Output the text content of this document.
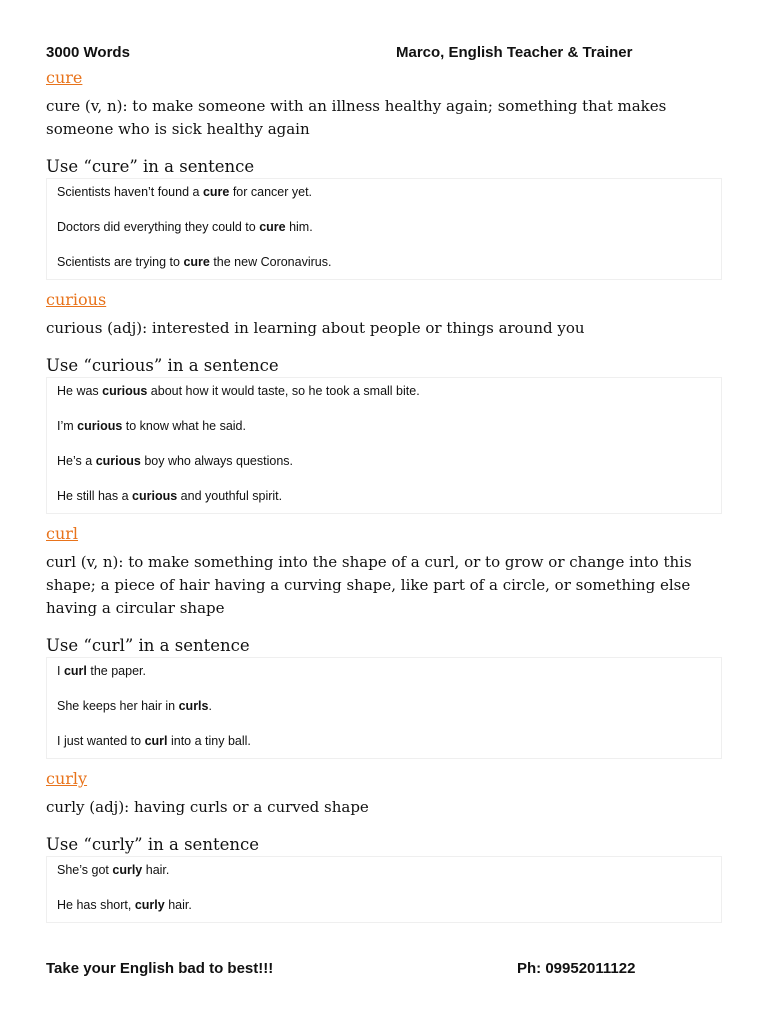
3000 Words	Marco, English Teacher & Trainer
cure

cure (v, n): to make someone with an illness healthy again; something that makes someone who is sick healthy again

Use “cure” in a sentence

Scientists haven’t found a cure for cancer yet.

Doctors did everything they could to cure him.

Scientists are trying to cure the new Coronavirus.

curious

curious (adj): interested in learning about people or things around you

Use “curious” in a sentence

He was curious about how it would taste, so he took a small bite.

I’m curious to know what he said.

He’s a curious boy who always questions.

He still has a curious and youthful spirit.

curl

curl (v, n): to make something into the shape of a curl, or to grow or change into this shape; a piece of hair having a curving shape, like part of a circle, or something else having a circular shape

Use “curl” in a sentence

I curl the paper.

She keeps her hair in curls.

I just wanted to curl into a tiny ball.

curly

curly (adj): having curls or a curved shape

Use “curly” in a sentence

She’s got curly hair.

He has short, curly hair.

Take your English bad to best!!!	Ph: 09952011122
